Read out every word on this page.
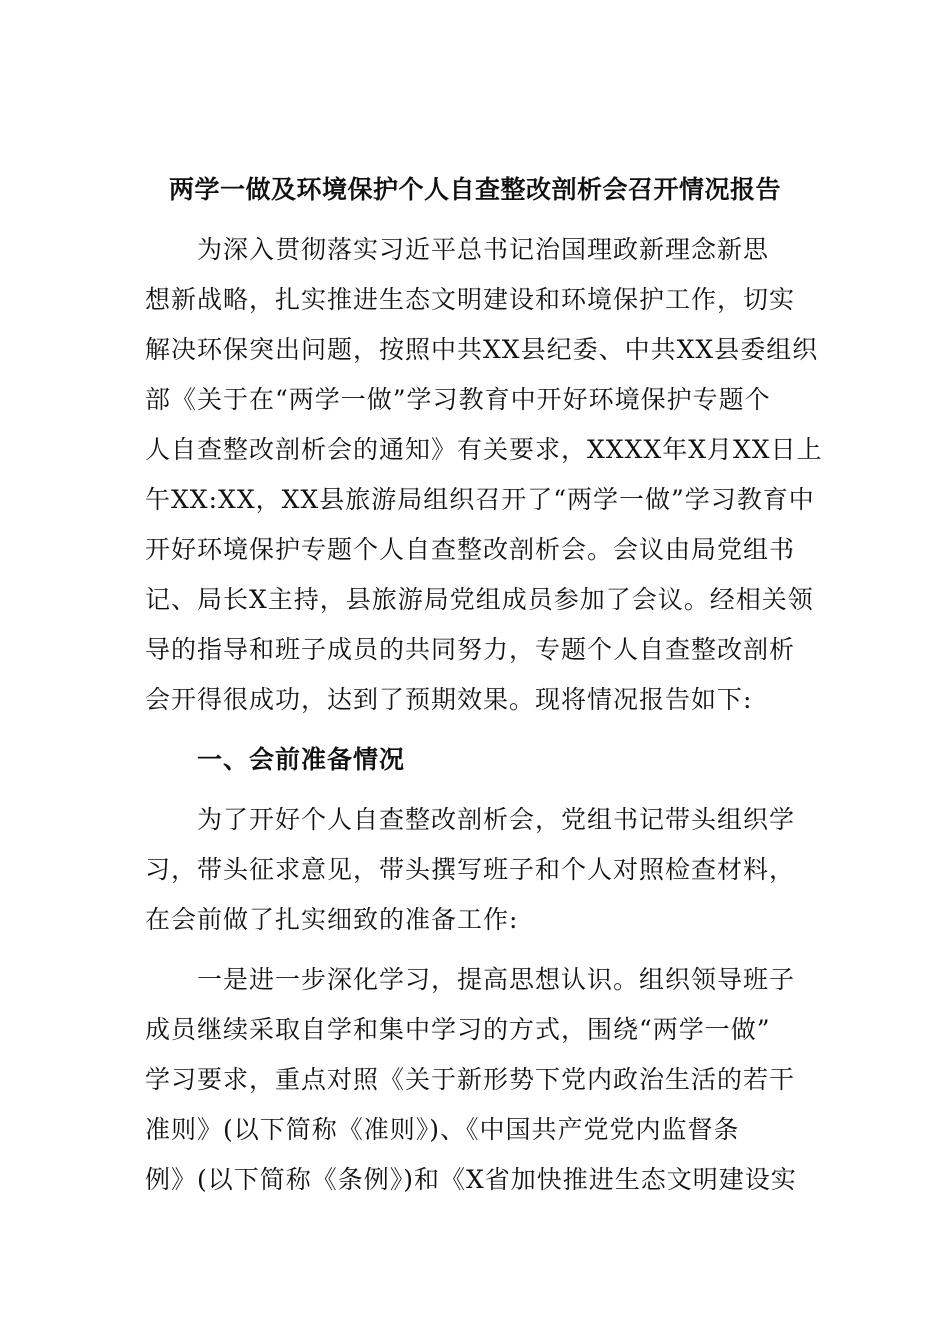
两学一做及环境保护个人自查整改剖析会召开情况报告
为深入贯彻落实习近平总书记治国理政新理念新思
想新战略，扎实推进生态文明建设和环境保护工作，切实
解决环保突出问题，按照中共XX县纪委、中共XX县委组织
部《关于在“两学一做”学习教育中开好环境保护专题个
人自查整改剖析会的通知》有关要求，XXXX年X月XX日上
午XX:XX，XX县旅游局组织召开了“两学一做”学习教育中
开好环境保护专题个人自查整改剖析会。会议由局党组书
记、局长X主持，县旅游局党组成员参加了会议。经相关领
导的指导和班子成员的共同努力，专题个人自查整改剖析
会开得很成功，达到了预期效果。现将情况报告如下:
一、会前准备情况
为了开好个人自查整改剖析会，党组书记带头组织学
习，带头征求意见，带头撰写班子和个人对照检查材料，
在会前做了扎实细致的准备工作:
一是进一步深化学习，提高思想认识。组织领导班子
成员继续采取自学和集中学习的方式，围绕“两学一做”
学习要求，重点对照《关于新形势下党内政治生活的若干
准则》(以下简称《准则》)、《中国共产党党内监督条
例》(以下简称《条例》)和《X省加快推进生态文明建设实
